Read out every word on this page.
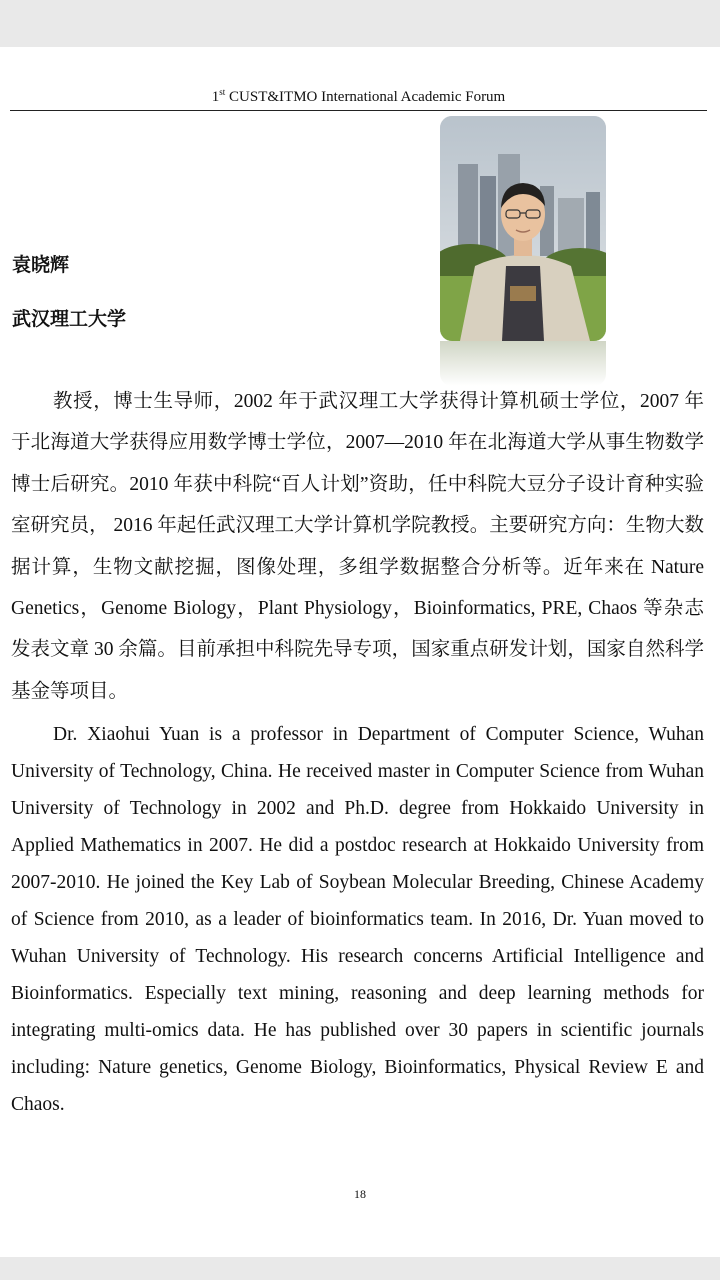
1st CUST&ITMO International Academic Forum
袁晓辉
武汉理工大学

教授，博士生导师，2002 年于武汉理工大学获得计算机硕士学位，2007 年于北海道大学获得应用数学博士学位，2007—2010 年在北海道大学从事生物数学博士后研究。2010 年获中科院“百人计划”资助，任中科院大豆分子设计育种实验室研究员， 2016 年起任武汉理工大学计算机学院教授。主要研究方向：生物大数据计算，生物文献挖掘，图像处理，多组学数据整合分析等。近年来在 Nature Genetics，Genome Biology，Plant Physiology，Bioinformatics, PRE, Chaos 等杂志发表文章 30 余篇。目前承担中科院先导专项，国家重点研发计划，国家自然科学基金等项目。

Dr. Xiaohui Yuan is a professor in Department of Computer Science, Wuhan University of Technology, China. He received master in Computer Science from Wuhan University of Technology in 2002 and Ph.D. degree from Hokkaido University in Applied Mathematics in 2007. He did a postdoc research at Hokkaido University from 2007-2010. He joined the Key Lab of Soybean Molecular Breeding, Chinese Academy of Science from 2010, as a leader of bioinformatics team. In 2016, Dr. Yuan moved to Wuhan University of Technology. His research concerns Artificial Intelligence and Bioinformatics. Especially text mining, reasoning and deep learning methods for integrating multi-omics data. He has published over 30 papers in scientific journals including: Nature genetics, Genome Biology, Bioinformatics, Physical Review E and Chaos.

18
